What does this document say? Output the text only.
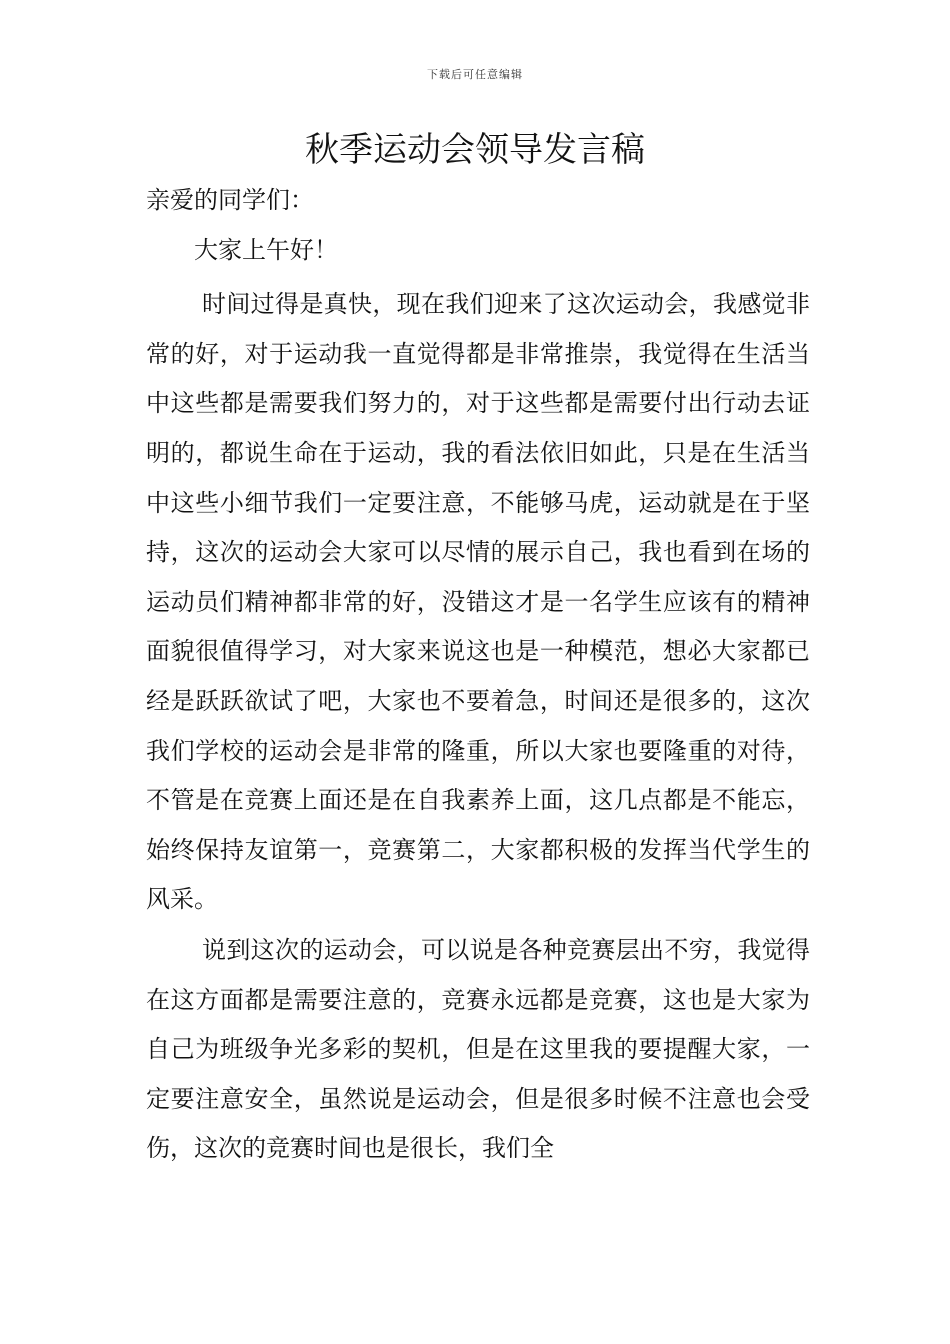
下载后可任意编辑
秋季运动会领导发言稿

亲爱的同学们：

大家上午好！

时间过得是真快，现在我们迎来了这次运动会，我感觉非常的好，对于运动我一直觉得都是非常推崇，我觉得在生活当中这些都是需要我们努力的，对于这些都是需要付出行动去证明的，都说生命在于运动，我的看法依旧如此，只是在生活当中这些小细节我们一定要注意，不能够马虎，运动就是在于坚持，这次的运动会大家可以尽情的展示自己，我也看到在场的运动员们精神都非常的好，没错这才是一名学生应该有的精神面貌很值得学习，对大家来说这也是一种模范，想必大家都已经是跃跃欲试了吧，大家也不要着急，时间还是很多的，这次我们学校的运动会是非常的隆重，所以大家也要隆重的对待，不管是在竞赛上面还是在自我素养上面，这几点都是不能忘，始终保持友谊第一，竞赛第二，大家都积极的发挥当代学生的风采。

说到这次的运动会，可以说是各种竞赛层出不穷，我觉得在这方面都是需要注意的，竞赛永远都是竞赛，这也是大家为自己为班级争光多彩的契机，但是在这里我的要提醒大家，一定要注意安全，虽然说是运动会，但是很多时候不注意也会受伤，这次的竞赛时间也是很长，我们全
